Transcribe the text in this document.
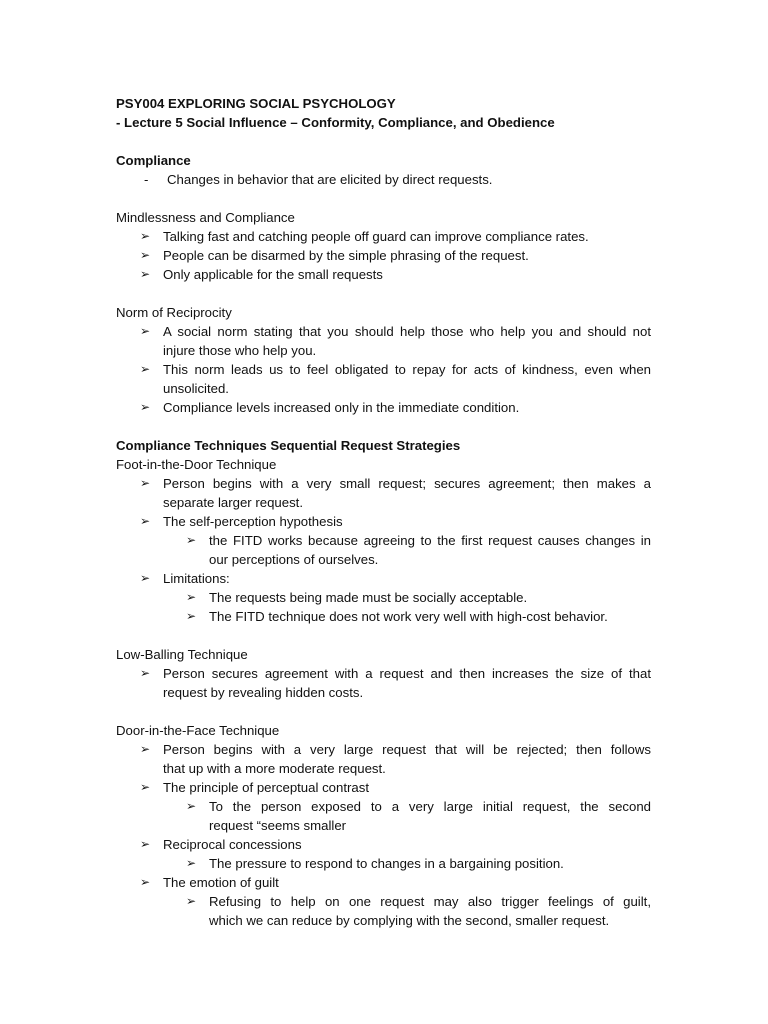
PSY004 EXPLORING SOCIAL PSYCHOLOGY
- Lecture 5 Social Influence – Conformity, Compliance, and Obedience
Compliance
- Changes in behavior that are elicited by direct requests.
Mindlessness and Compliance
➢ Talking fast and catching people off guard can improve compliance rates.
➢ People can be disarmed by the simple phrasing of the request.
➢ Only applicable for the small requests
Norm of Reciprocity
➢ A social norm stating that you should help those who help you and should not
injure those who help you.
➢ This norm leads us to feel obligated to repay for acts of kindness, even when
unsolicited.
➢ Compliance levels increased only in the immediate condition.
Compliance Techniques Sequential Request Strategies
Foot-in-the-Door Technique
➢ Person begins with a very small request; secures agreement; then makes a
separate larger request.
➢ The self-perception hypothesis
➢ the FITD works because agreeing to the first request causes changes in
our perceptions of ourselves.
➢ Limitations:
➢ The requests being made must be socially acceptable.
➢ The FITD technique does not work very well with high-cost behavior.
Low-Balling Technique
➢ Person secures agreement with a request and then increases the size of that
request by revealing hidden costs.
Door-in-the-Face Technique
➢ Person begins with a very large request that will be rejected; then follows
that up with a more moderate request.
➢ The principle of perceptual contrast
➢ To the person exposed to a very large initial request, the second
request “seems smaller
➢ Reciprocal concessions
➢ The pressure to respond to changes in a bargaining position.
➢ The emotion of guilt
➢ Refusing to help on one request may also trigger feelings of guilt,
which we can reduce by complying with the second, smaller request.
